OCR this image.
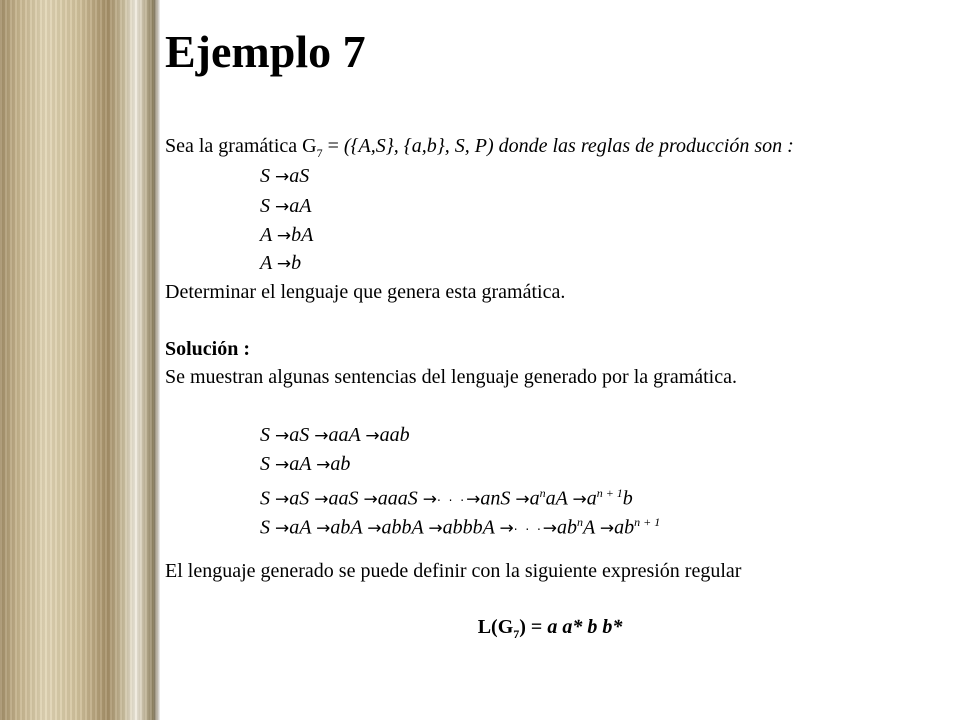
Ejemplo 7
Sea la gramática $G_7 = (\{A,S\}$, {a,b}, S, P) donde las reglas de producción son :
S →aS
S →aA
A →bA
A →b
Determinar el lenguaje que genera esta gramática.
Solución :
Se muestran algunas sentencias del lenguaje generado por la gramática.
S →aS →aaA →aab
S →aA →ab
S →aS →aaS →aaaS →· · $\cdot\to anS \to a^naA \to a^{n + 1}b$
S →aA →abA →abbA →abbbA →· · $\cdot\to ab^nA \to ab^{n + 1}$
El lenguaje generado se puede definir con la siguiente expresión regular
$L(G_7) = a$ a* b b*
